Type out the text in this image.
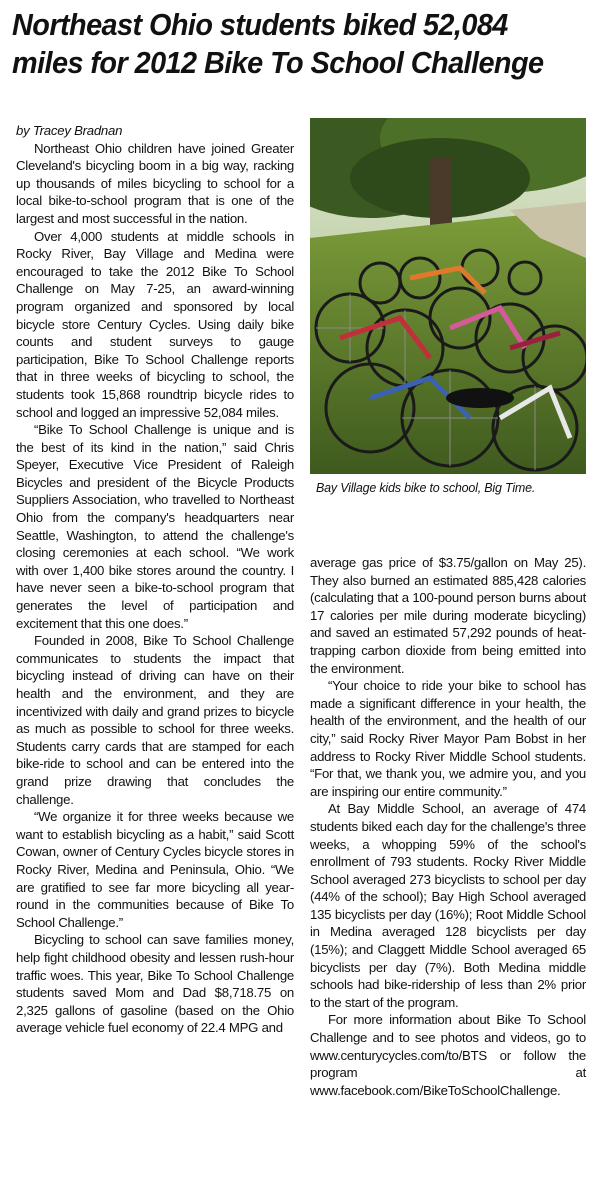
Northeast Ohio students biked 52,084
miles for 2012 Bike To School Challenge

by Tracey Bradnan

Northeast Ohio children have joined Greater Cleveland's bicycling boom in a big way, racking up thousands of miles bicycling to school for a local bike-to-school program that is one of the largest and most successful in the nation.

Over 4,000 students at middle schools in Rocky River, Bay Village and Medina were encouraged to take the 2012 Bike To School Challenge on May 7-25, an award-winning program organized and sponsored by local bicycle store Century Cycles. Using daily bike counts and student surveys to gauge participation, Bike To School Challenge reports that in three weeks of bicycling to school, the students took 15,868 roundtrip bicycle rides to school and logged an impressive 52,084 miles.

“Bike To School Challenge is unique and is the best of its kind in the nation,” said Chris Speyer, Executive Vice President of Raleigh Bicycles and president of the Bicycle Products Suppliers Association, who travelled to Northeast Ohio from the company's headquarters near Seattle, Washington, to attend the challenge's closing ceremonies at each school. “We work with over 1,400 bike stores around the country. I have never seen a bike-to-school program that generates the level of participation and excitement that this one does.”

Founded in 2008, Bike To School Challenge communicates to students the impact that bicycling instead of driving can have on their health and the environment, and they are incentivized with daily and grand prizes to bicycle as much as possible to school for three weeks. Students carry cards that are stamped for each bike-ride to school and can be entered into the grand prize drawing that concludes the challenge.

“We organize it for three weeks because we want to establish bicycling as a habit,” said Scott Cowan, owner of Century Cycles bicycle stores in Rocky River, Medina and Peninsula, Ohio. “We are gratified to see far more bicycling all year-round in the communities because of Bike To School Challenge.”

Bicycling to school can save families money, help fight childhood obesity and lessen rush-hour traffic woes. This year, Bike To School Challenge students saved Mom and Dad $8,718.75 on 2,325 gallons of gasoline (based on the Ohio average vehicle fuel economy of 22.4 MPG and

Bay Village kids bike to school, Big Time.

average gas price of $3.75/gallon on May 25). They also burned an estimated 885,428 calories (calculating that a 100-pound person burns about 17 calories per mile during moderate bicycling) and saved an estimated 57,292 pounds of heat-trapping carbon dioxide from being emitted into the environment.

“Your choice to ride your bike to school has made a significant difference in your health, the health of the environment, and the health of our city,” said Rocky River Mayor Pam Bobst in her address to Rocky River Middle School students. “For that, we thank you, we admire you, and you are inspiring our entire community.”

At Bay Middle School, an average of 474 students biked each day for the challenge's three weeks, a whopping 59% of the school's enrollment of 793 students. Rocky River Middle School averaged 273 bicyclists to school per day (44% of the school); Bay High School averaged 135 bicyclists per day (16%); Root Middle School in Medina averaged 128 bicyclists per day (15%); and Claggett Middle School averaged 65 bicyclists per day (7%). Both Medina middle schools had bike-ridership of less than 2% prior to the start of the program.

For more information about Bike To School Challenge and to see photos and videos, go to www.centurycycles.com/to/BTS or follow the program at www.facebook.com/BikeToSchoolChallenge.
